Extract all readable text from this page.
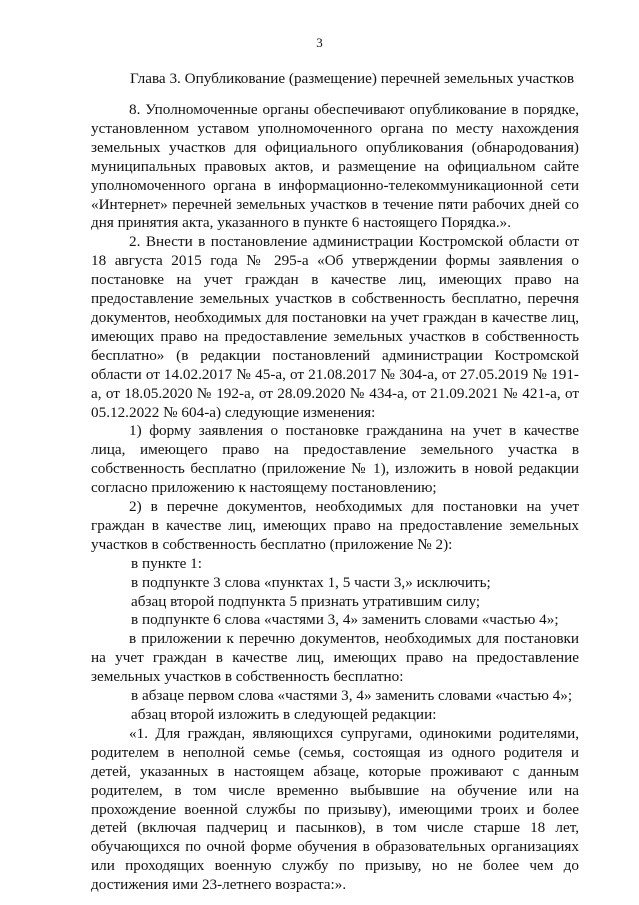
3
Глава 3. Опубликование (размещение) перечней земельных участков

8. Уполномоченные органы обеспечивают опубликование в порядке, установленном уставом уполномоченного органа по месту нахождения земельных участков для официального опубликования (обнародования) муниципальных правовых актов, и размещение на официальном сайте уполномоченного органа в информационно-телекоммуникационной сети «Интернет» перечней земельных участков в течение пяти рабочих дней со дня принятия акта, указанного в пункте 6 настоящего Порядка.».

2. Внести в постановление администрации Костромской области от 18 августа 2015 года № 295-а «Об утверждении формы заявления о постановке на учет граждан в качестве лиц, имеющих право на предоставление земельных участков в собственность бесплатно, перечня документов, необходимых для постановки на учет граждан в качестве лиц, имеющих право на предоставление земельных участков в собственность бесплатно» (в редакции постановлений администрации Костромской области от 14.02.2017 № 45-а, от 21.08.2017 № 304-а, от 27.05.2019 № 191-а, от 18.05.2020 № 192-а, от 28.09.2020 № 434-а, от 21.09.2021 № 421-а, от 05.12.2022 № 604-а) следующие изменения:

1) форму заявления о постановке гражданина на учет в качестве лица, имеющего право на предоставление земельного участка в собственность бесплатно (приложение № 1), изложить в новой редакции согласно приложению к настоящему постановлению;

2) в перечне документов, необходимых для постановки на учет граждан в качестве лиц, имеющих право на предоставление земельных участков в собственность бесплатно (приложение № 2):

в пункте 1:

в подпункте 3 слова «пунктах 1, 5 части 3,» исключить;

абзац второй подпункта 5 признать утратившим силу;

в подпункте 6 слова «частями 3, 4» заменить словами «частью 4»;

в приложении к перечню документов, необходимых для постановки на учет граждан в качестве лиц, имеющих право на предоставление земельных участков в собственность бесплатно:

в абзаце первом слова «частями 3, 4» заменить словами «частью 4»;

абзац второй изложить в следующей редакции:

«1. Для граждан, являющихся супругами, одинокими родителями, родителем в неполной семье (семья, состоящая из одного родителя и детей, указанных в настоящем абзаце, которые проживают с данным родителем, в том числе временно выбывшие на обучение или на прохождение военной службы по призыву), имеющими троих и более детей (включая падчериц и пасынков), в том числе старше 18 лет, обучающихся по очной форме обучения в образовательных организациях или проходящих военную службу по призыву, но не более чем до достижения ими 23-летнего возраста:».
